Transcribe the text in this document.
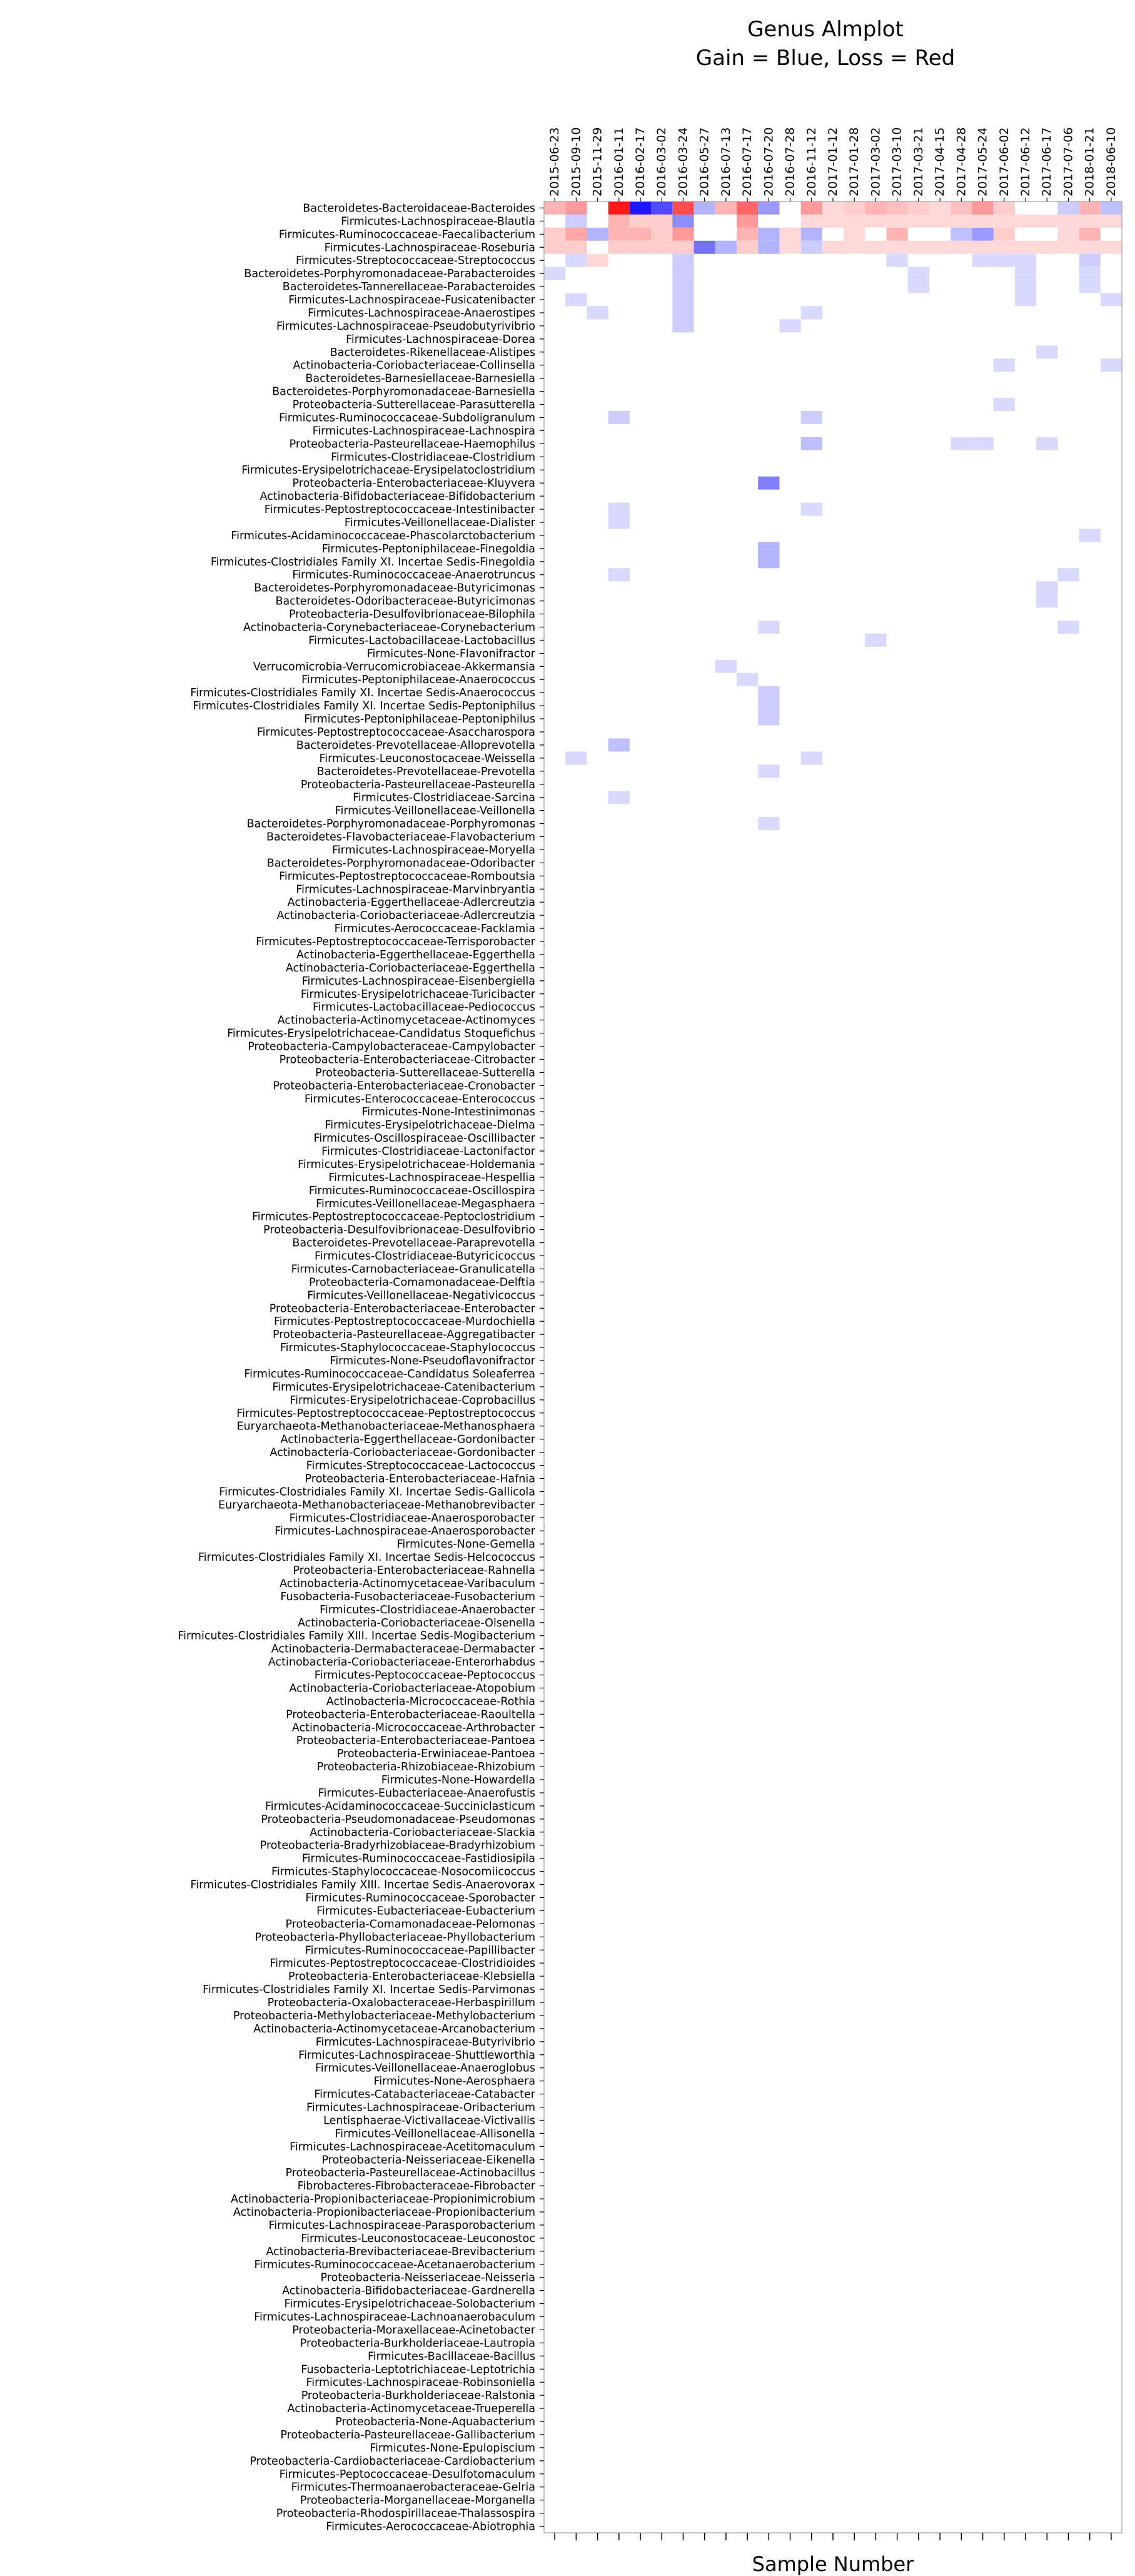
Genus Almplot
Gain = Blue, Loss = Red
2015-06-23 2015-09-10 2015-11-29 2016-01-11 2016-02-17 2016-03-02 2016-03-24 2016-05-27 2016-07-13 2016-07-17 2016-07-20 2016-07-28 2016-11-12 2017-01-12 2017-01-28 2017-03-02 2017-03-10 2017-03-21 2017-04-15 2017-04-28 2017-05-24 2017-06-02 2017-06-12 2017-06-17 2017-07-06 2018-01-21 2018-06-10
Bacteroidetes-Bacteroidaceae-Bacteroides
Firmicutes-Lachnospiraceae-Blautia
Firmicutes-Ruminococcaceae-Faecalibacterium
Firmicutes-Lachnospiraceae-Roseburia
Firmicutes-Streptococcaceae-Streptococcus
Bacteroidetes-Porphyromonadaceae-Parabacteroides
Bacteroidetes-Tannerellaceae-Parabacteroides
Firmicutes-Lachnospiraceae-Fusicatenibacter
Firmicutes-Lachnospiraceae-Anaerostipes
Firmicutes-Lachnospiraceae-Pseudobutyrivibrio
Firmicutes-Lachnospiraceae-Dorea
Bacteroidetes-Rikenellaceae-Alistipes
Actinobacteria-Coriobacteriaceae-Collinsella
Bacteroidetes-Barnesiellaceae-Barnesiella
Bacteroidetes-Porphyromonadaceae-Barnesiella
Proteobacteria-Sutterellaceae-Parasutterella
Firmicutes-Ruminococcaceae-Subdoligranulum
Firmicutes-Lachnospiraceae-Lachnospira
Proteobacteria-Pasteurellaceae-Haemophilus
Firmicutes-Clostridiaceae-Clostridium
Firmicutes-Erysipelotrichaceae-Erysipelatoclostridium
Proteobacteria-Enterobacteriaceae-Kluyvera
Actinobacteria-Bifidobacteriaceae-Bifidobacterium
Firmicutes-Peptostreptococcaceae-Intestinibacter
Firmicutes-Veillonellaceae-Dialister
Firmicutes-Acidaminococcaceae-Phascolarctobacterium
Firmicutes-Peptoniphilaceae-Finegoldia
Firmicutes-Clostridiales Family XI. Incertae Sedis-Finegoldia
Firmicutes-Ruminococcaceae-Anaerotruncus
Bacteroidetes-Porphyromonadaceae-Butyricimonas
Bacteroidetes-Odoribacteraceae-Butyricimonas
Proteobacteria-Desulfovibrionaceae-Bilophila
Actinobacteria-Corynebacteriaceae-Corynebacterium
Firmicutes-Lactobacillaceae-Lactobacillus
Firmicutes-None-Flavonifractor
Verrucomicrobia-Verrucomicrobiaceae-Akkermansia
Firmicutes-Peptoniphilaceae-Anaerococcus
Firmicutes-Clostridiales Family XI. Incertae Sedis-Anaerococcus
Firmicutes-Clostridiales Family XI. Incertae Sedis-Peptoniphilus
Firmicutes-Peptoniphilaceae-Peptoniphilus
Firmicutes-Peptostreptococcaceae-Asaccharospora
Bacteroidetes-Prevotellaceae-Alloprevotella
Firmicutes-Leuconostocaceae-Weissella
Bacteroidetes-Prevotellaceae-Prevotella
Proteobacteria-Pasteurellaceae-Pasteurella
Firmicutes-Clostridiaceae-Sarcina
Firmicutes-Veillonellaceae-Veillonella
Bacteroidetes-Porphyromonadaceae-Porphyromonas
Bacteroidetes-Flavobacteriaceae-Flavobacterium
Firmicutes-Lachnospiraceae-Moryella
Bacteroidetes-Porphyromonadaceae-Odoribacter
Firmicutes-Peptostreptococcaceae-Romboutsia
Firmicutes-Lachnospiraceae-Marvinbryantia
Actinobacteria-Eggerthellaceae-Adlercreutzia
Actinobacteria-Coriobacteriaceae-Adlercreutzia
Firmicutes-Aerococcaceae-Facklamia
Firmicutes-Peptostreptococcaceae-Terrisporobacter
Actinobacteria-Eggerthellaceae-Eggerthella
Actinobacteria-Coriobacteriaceae-Eggerthella
Firmicutes-Lachnospiraceae-Eisenbergiella
Firmicutes-Erysipelotrichaceae-Turicibacter
Firmicutes-Lactobacillaceae-Pediococcus
Actinobacteria-Actinomycetaceae-Actinomyces
Firmicutes-Erysipelotrichaceae-Candidatus Stoquefichus
Proteobacteria-Campylobacteraceae-Campylobacter
Proteobacteria-Enterobacteriaceae-Citrobacter
Proteobacteria-Sutterellaceae-Sutterella
Proteobacteria-Enterobacteriaceae-Cronobacter
Firmicutes-Enterococcaceae-Enterococcus
Firmicutes-None-Intestinimonas
Firmicutes-Erysipelotrichaceae-Dielma
Firmicutes-Oscillospiraceae-Oscillibacter
Firmicutes-Clostridiaceae-Lactonifactor
Firmicutes-Erysipelotrichaceae-Holdemania
Firmicutes-Lachnospiraceae-Hespellia
Firmicutes-Ruminococcaceae-Oscillospira
Firmicutes-Veillonellaceae-Megasphaera
Firmicutes-Peptostreptococcaceae-Peptoclostridium
Proteobacteria-Desulfovibrionaceae-Desulfovibrio
Bacteroidetes-Prevotellaceae-Paraprevotella
Firmicutes-Clostridiaceae-Butyricicoccus
Firmicutes-Carnobacteriaceae-Granulicatella
Proteobacteria-Comamonadaceae-Delftia
Firmicutes-Veillonellaceae-Negativicoccus
Proteobacteria-Enterobacteriaceae-Enterobacter
Firmicutes-Peptostreptococcaceae-Murdochiella
Proteobacteria-Pasteurellaceae-Aggregatibacter
Firmicutes-Staphylococcaceae-Staphylococcus
Firmicutes-None-Pseudoflavonifractor
Firmicutes-Ruminococcaceae-Candidatus Soleaferrea
Firmicutes-Erysipelotrichaceae-Catenibacterium
Firmicutes-Erysipelotrichaceae-Coprobacillus
Firmicutes-Peptostreptococcaceae-Peptostreptococcus
Euryarchaeota-Methanobacteriaceae-Methanosphaera
Actinobacteria-Eggerthellaceae-Gordonibacter
Actinobacteria-Coriobacteriaceae-Gordonibacter
Firmicutes-Streptococcaceae-Lactococcus
Proteobacteria-Enterobacteriaceae-Hafnia
Firmicutes-Clostridiales Family XI. Incertae Sedis-Gallicola
Euryarchaeota-Methanobacteriaceae-Methanobrevibacter
Firmicutes-Clostridiaceae-Anaerosporobacter
Firmicutes-Lachnospiraceae-Anaerosporobacter
Firmicutes-None-Gemella
Firmicutes-Clostridiales Family XI. Incertae Sedis-Helcococcus
Proteobacteria-Enterobacteriaceae-Rahnella
Actinobacteria-Actinomycetaceae-Varibaculum
Fusobacteria-Fusobacteriaceae-Fusobacterium
Firmicutes-Clostridiaceae-Anaerobacter
Actinobacteria-Coriobacteriaceae-Olsenella
Firmicutes-Clostridiales Family XIII. Incertae Sedis-Mogibacterium
Actinobacteria-Dermabacteraceae-Dermabacter
Actinobacteria-Coriobacteriaceae-Enterorhabdus
Firmicutes-Peptococcaceae-Peptococcus
Actinobacteria-Coriobacteriaceae-Atopobium
Actinobacteria-Micrococcaceae-Rothia
Proteobacteria-Enterobacteriaceae-Raoultella
Actinobacteria-Micrococcaceae-Arthrobacter
Proteobacteria-Enterobacteriaceae-Pantoea
Proteobacteria-Erwiniaceae-Pantoea
Proteobacteria-Rhizobiaceae-Rhizobium
Firmicutes-None-Howardella
Firmicutes-Eubacteriaceae-Anaerofustis
Firmicutes-Acidaminococcaceae-Succiniclasticum
Proteobacteria-Pseudomonadaceae-Pseudomonas
Actinobacteria-Coriobacteriaceae-Slackia
Proteobacteria-Bradyrhizobiaceae-Bradyrhizobium
Firmicutes-Ruminococcaceae-Fastidiosipila
Firmicutes-Staphylococcaceae-Nosocomiicoccus
Firmicutes-Clostridiales Family XIII. Incertae Sedis-Anaerovorax
Firmicutes-Ruminococcaceae-Sporobacter
Firmicutes-Eubacteriaceae-Eubacterium
Proteobacteria-Comamonadaceae-Pelomonas
Proteobacteria-Phyllobacteriaceae-Phyllobacterium
Firmicutes-Ruminococcaceae-Papillibacter
Firmicutes-Peptostreptococcaceae-Clostridioides
Proteobacteria-Enterobacteriaceae-Klebsiella
Firmicutes-Clostridiales Family XI. Incertae Sedis-Parvimonas
Proteobacteria-Oxalobacteraceae-Herbaspirillum
Proteobacteria-Methylobacteriaceae-Methylobacterium
Actinobacteria-Actinomycetaceae-Arcanobacterium
Firmicutes-Lachnospiraceae-Butyrivibrio
Firmicutes-Lachnospiraceae-Shuttleworthia
Firmicutes-Veillonellaceae-Anaeroglobus
Firmicutes-None-Aerosphaera
Firmicutes-Catabacteriaceae-Catabacter
Firmicutes-Lachnospiraceae-Oribacterium
Lentisphaerae-Victivallaceae-Victivallis
Firmicutes-Veillonellaceae-Allisonella
Firmicutes-Lachnospiraceae-Acetitomaculum
Proteobacteria-Neisseriaceae-Eikenella
Proteobacteria-Pasteurellaceae-Actinobacillus
Fibrobacteres-Fibrobacteraceae-Fibrobacter
Actinobacteria-Propionibacteriaceae-Propionimicrobium
Actinobacteria-Propionibacteriaceae-Propionibacterium
Firmicutes-Lachnospiraceae-Parasporobacterium
Firmicutes-Leuconostocaceae-Leuconostoc
Actinobacteria-Brevibacteriaceae-Brevibacterium
Firmicutes-Ruminococcaceae-Acetanaerobacterium
Proteobacteria-Neisseriaceae-Neisseria
Actinobacteria-Bifidobacteriaceae-Gardnerella
Firmicutes-Erysipelotrichaceae-Solobacterium
Firmicutes-Lachnospiraceae-Lachnoanaerobaculum
Proteobacteria-Moraxellaceae-Acinetobacter
Proteobacteria-Burkholderiaceae-Lautropia
Firmicutes-Bacillaceae-Bacillus
Fusobacteria-Leptotrichiaceae-Leptotrichia
Firmicutes-Lachnospiraceae-Robinsoniella
Proteobacteria-Burkholderiaceae-Ralstonia
Actinobacteria-Actinomycetaceae-Trueperella
Proteobacteria-None-Aquabacterium
Proteobacteria-Pasteurellaceae-Gallibacterium
Firmicutes-None-Epulopiscium
Proteobacteria-Cardiobacteriaceae-Cardiobacterium
Firmicutes-Peptococcaceae-Desulfotomaculum
Firmicutes-Thermoanaerobacteraceae-Gelria
Proteobacteria-Morganellaceae-Morganella
Proteobacteria-Rhodospirillaceae-Thalassospira
Firmicutes-Aerococcaceae-Abiotrophia
Sample Number
